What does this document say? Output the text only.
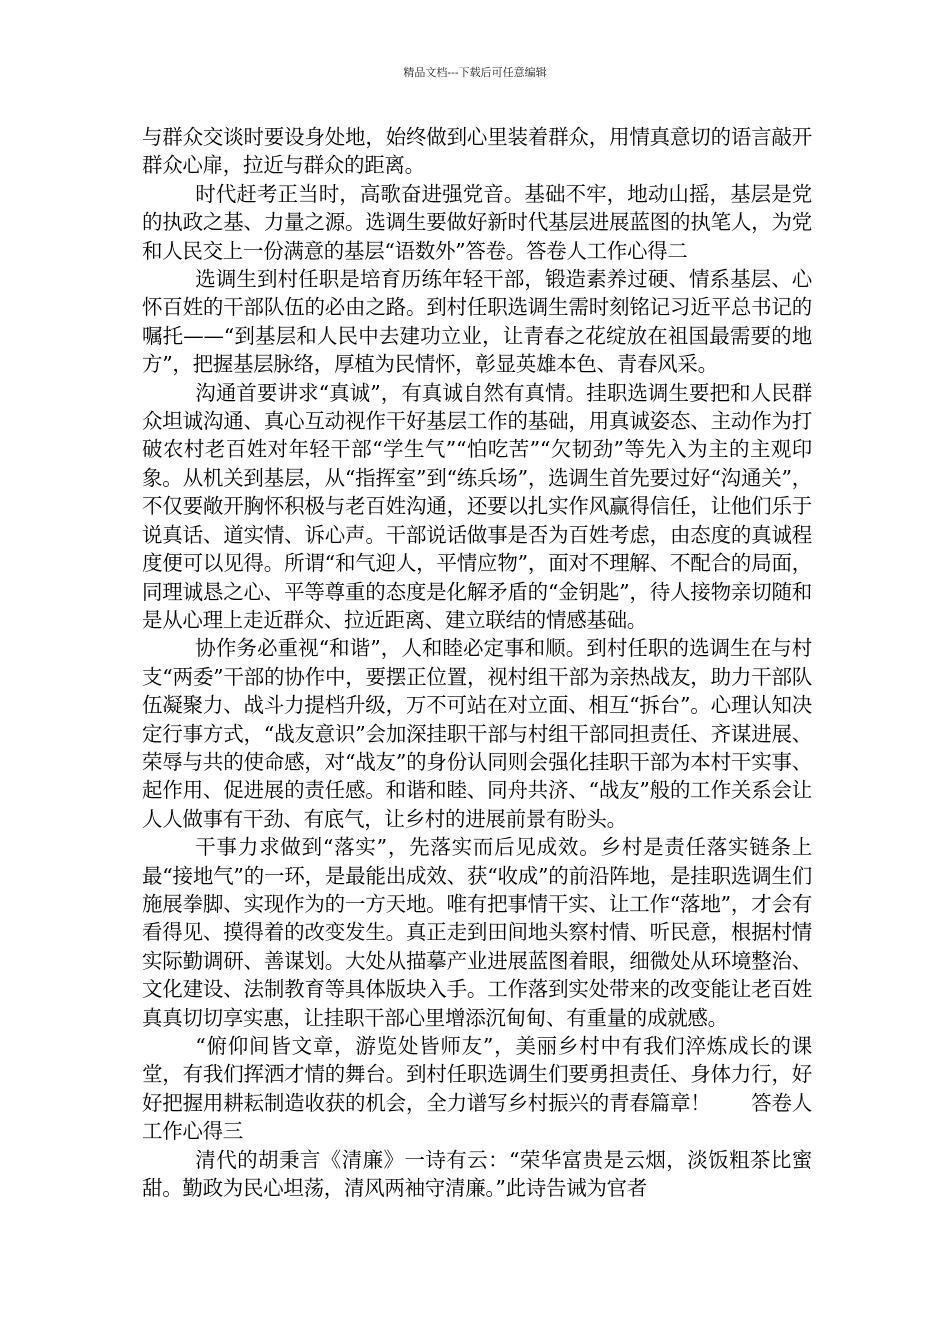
精品文档---下载后可任意编辑

与群众交谈时要设身处地，始终做到心里装着群众，用情真意切的语言敲开群众心扉，拉近与群众的距离。

时代赶考正当时，高歌奋进强党音。基础不牢，地动山摇，基层是党的执政之基、力量之源。选调生要做好新时代基层进展蓝图的执笔人，为党和人民交上一份满意的基层“语数外”答卷。答卷人工作心得二

选调生到村任职是培育历练年轻干部，锻造素养过硬、情系基层、心怀百姓的干部队伍的必由之路。到村任职选调生需时刻铭记习近平总书记的嘱托——“到基层和人民中去建功立业，让青春之花绽放在祖国最需要的地方”，把握基层脉络，厚植为民情怀，彰显英雄本色、青春风采。

沟通首要讲求“真诚”，有真诚自然有真情。挂职选调生要把和人民群众坦诚沟通、真心互动视作干好基层工作的基础，用真诚姿态、主动作为打破农村老百姓对年轻干部“学生气”“怕吃苦”“欠韧劲”等先入为主的主观印象。从机关到基层，从“指挥室”到“练兵场”，选调生首先要过好“沟通关”，不仅要敞开胸怀积极与老百姓沟通，还要以扎实作风赢得信任，让他们乐于说真话、道实情、诉心声。干部说话做事是否为百姓考虑，由态度的真诚程度便可以见得。所谓“和气迎人，平情应物”，面对不理解、不配合的局面，同理诚恳之心、平等尊重的态度是化解矛盾的“金钥匙”，待人接物亲切随和是从心理上走近群众、拉近距离、建立联结的情感基础。

协作务必重视“和谐”，人和睦必定事和顺。到村任职的选调生在与村支“两委”干部的协作中，要摆正位置，视村组干部为亲热战友，助力干部队伍凝聚力、战斗力提档升级，万不可站在对立面、相互“拆台”。心理认知决定行事方式，“战友意识”会加深挂职干部与村组干部同担责任、齐谋进展、荣辱与共的使命感，对“战友”的身份认同则会强化挂职干部为本村干实事、起作用、促进展的责任感。和谐和睦、同舟共济、“战友”般的工作关系会让人人做事有干劲、有底气，让乡村的进展前景有盼头。

干事力求做到“落实”，先落实而后见成效。乡村是责任落实链条上最“接地气”的一环，是最能出成效、获“收成”的前沿阵地，是挂职选调生们施展拳脚、实现作为的一方天地。唯有把事情干实、让工作“落地”，才会有看得见、摸得着的改变发生。真正走到田间地头察村情、听民意，根据村情实际勤调研、善谋划。大处从描摹产业进展蓝图着眼，细微处从环境整治、文化建设、法制教育等具体版块入手。工作落到实处带来的改变能让老百姓真真切切享实惠，让挂职干部心里增添沉甸甸、有重量的成就感。

“俯仰间皆文章，游览处皆师友”，美丽乡村中有我们淬炼成长的课堂，有我们挥洒才情的舞台。到村任职选调生们要勇担责任、身体力行，好好把握用耕耘制造收获的机会，全力谱写乡村振兴的青春篇章！　　答卷人工作心得三

清代的胡秉言《清廉》一诗有云：“荣华富贵是云烟，淡饭粗茶比蜜甜。勤政为民心坦荡，清风两袖守清廉。”此诗告诫为官者
